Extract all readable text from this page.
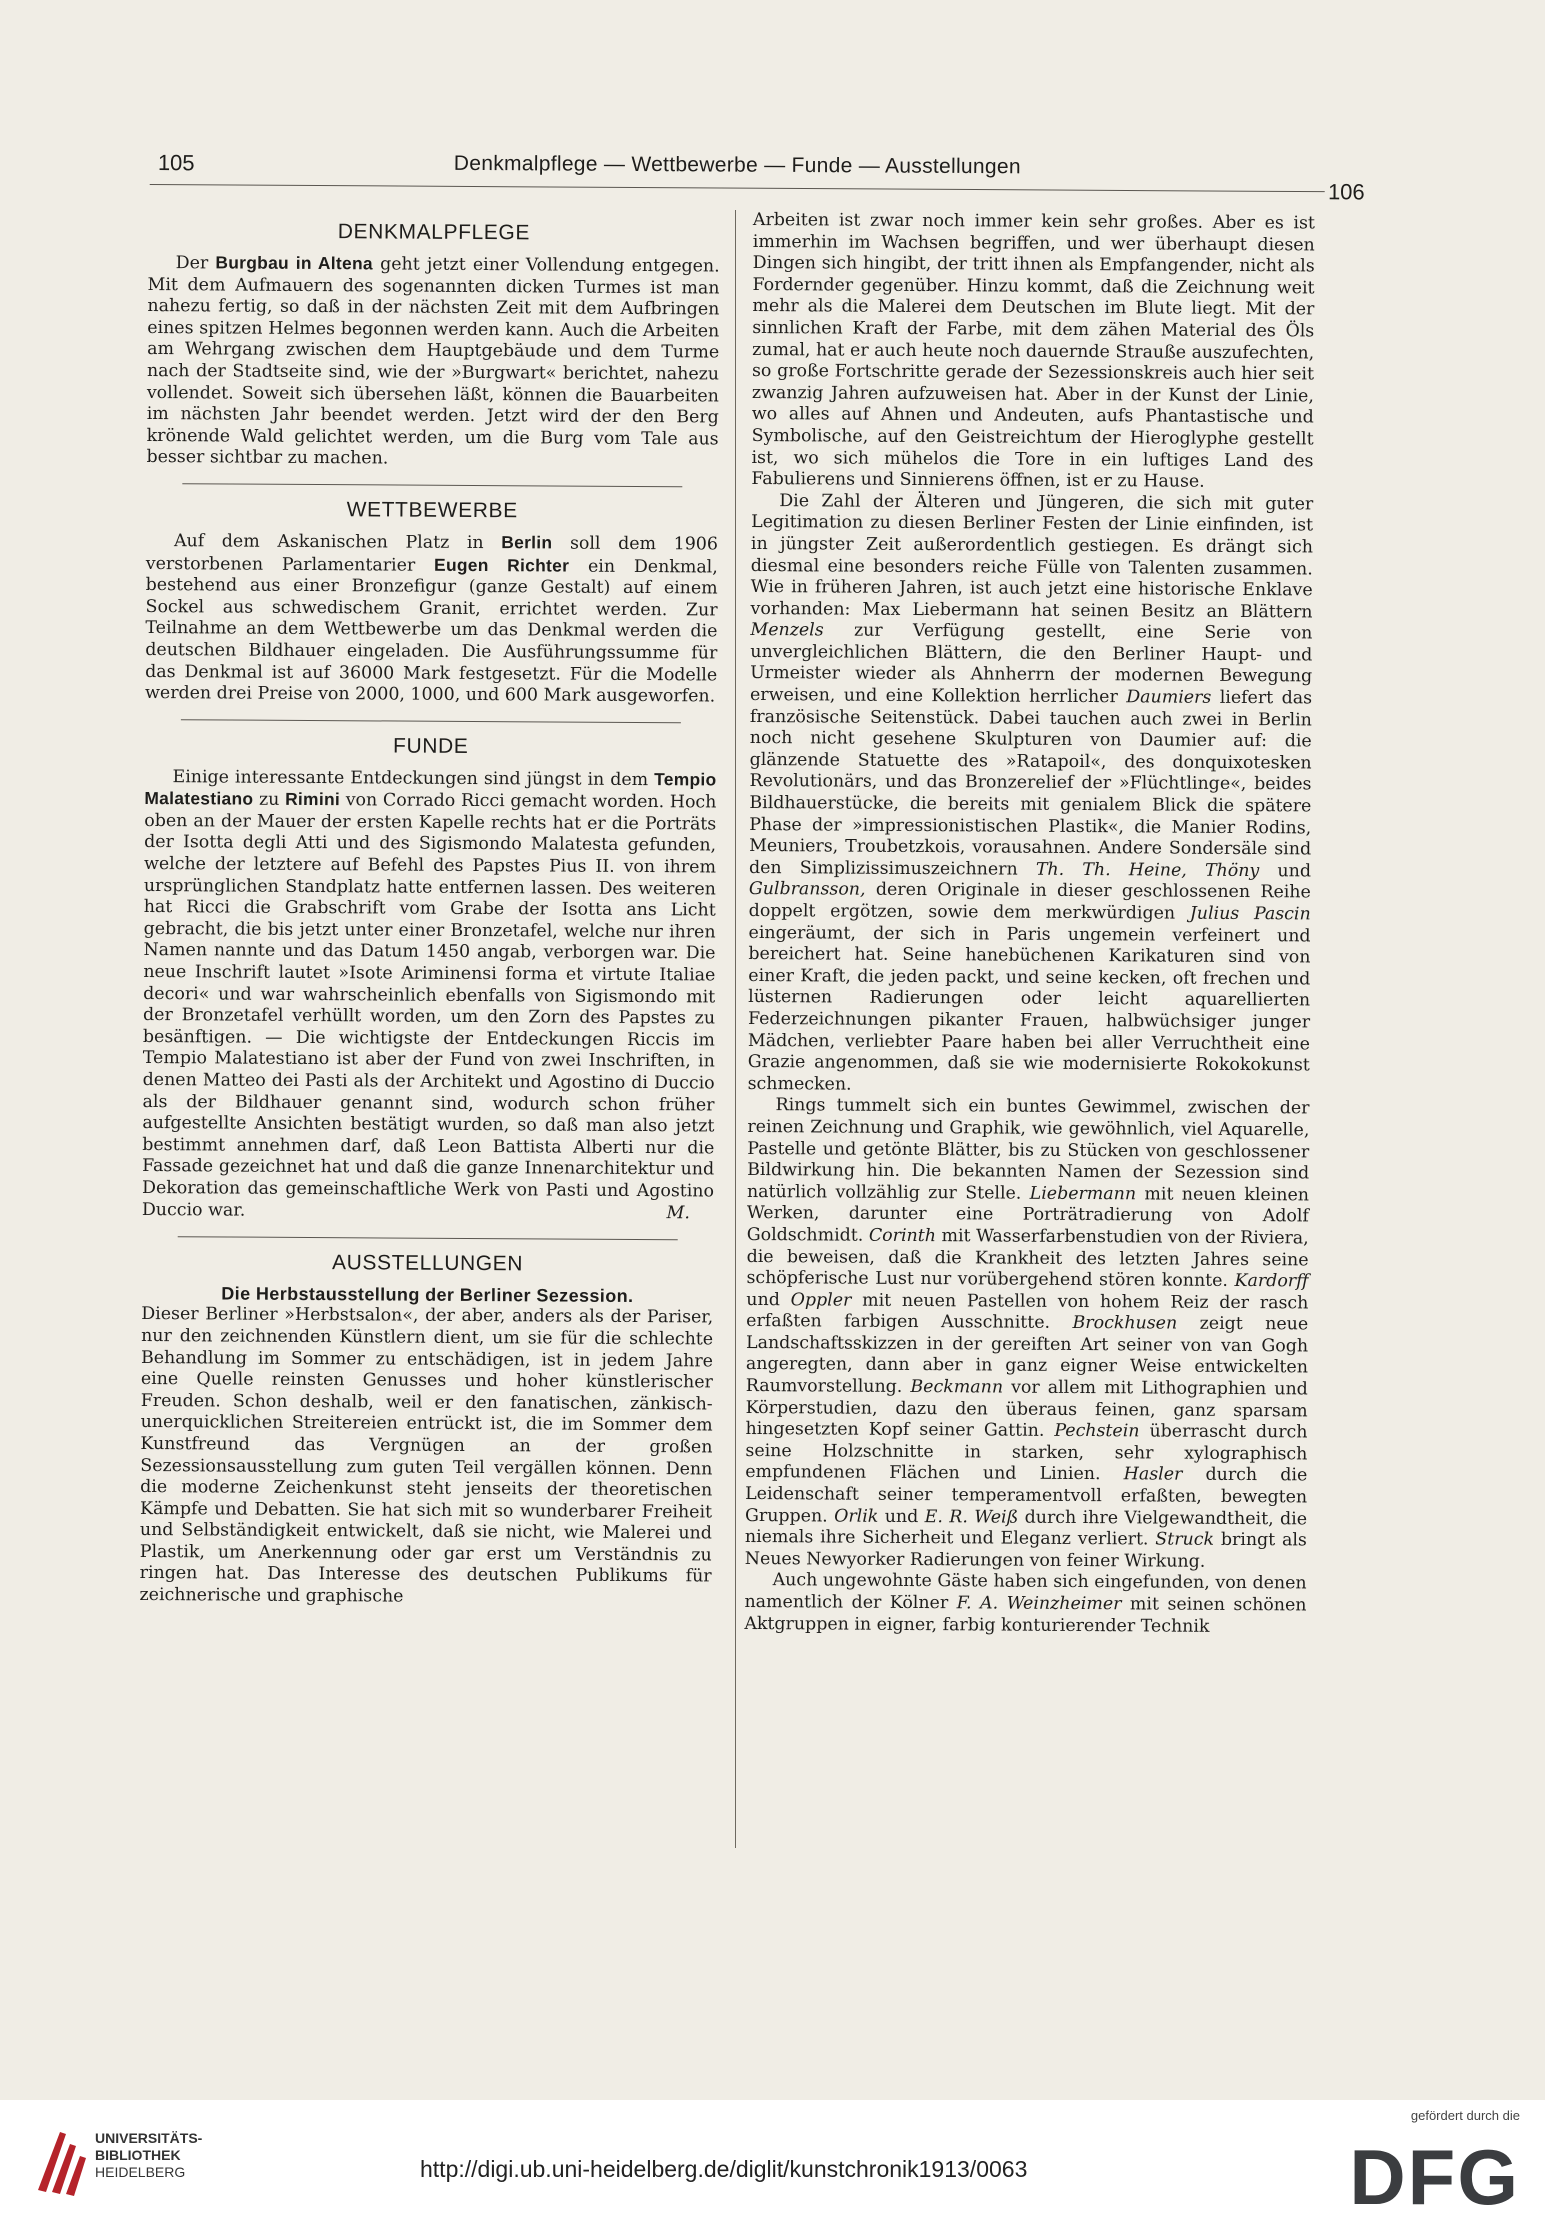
105	Denkmalpflege — Wettbewerbe — Funde — Ausstellungen
106
DENKMALPFLEGE

Der Burgbau in Altena geht jetzt einer Vollendung entgegen. Mit dem Aufmauern des sogenannten dicken Turmes ist man nahezu fertig, so daß in der nächsten Zeit mit dem Aufbringen eines spitzen Helmes begonnen werden kann. Auch die Arbeiten am Wehrgang zwischen dem Hauptgebäude und dem Turme nach der Stadtseite sind, wie der »Burgwart« berichtet, nahezu vollendet. Soweit sich übersehen läßt, können die Bauarbeiten im nächsten Jahr beendet werden. Jetzt wird der den Berg krönende Wald gelichtet werden, um die Burg vom Tale aus besser sichtbar zu machen.

WETTBEWERBE

Auf dem Askanischen Platz in Berlin soll dem 1906 verstorbenen Parlamentarier Eugen Richter ein Denkmal, bestehend aus einer Bronzefigur (ganze Gestalt) auf einem Sockel aus schwedischem Granit, errichtet werden. Zur Teilnahme an dem Wettbewerbe um das Denkmal werden die deutschen Bildhauer eingeladen. Die Ausführungssumme für das Denkmal ist auf 36000 Mark festgesetzt. Für die Modelle werden drei Preise von 2000, 1000, und 600 Mark ausgeworfen.

FUNDE

Einige interessante Entdeckungen sind jüngst in dem Tempio Malatestiano zu Rimini von Corrado Ricci gemacht worden. Hoch oben an der Mauer der ersten Kapelle rechts hat er die Porträts der Isotta degli Atti und des Sigismondo Malatesta gefunden, welche der letztere auf Befehl des Papstes Pius II. von ihrem ursprünglichen Standplatz hatte entfernen lassen. Des weiteren hat Ricci die Grabschrift vom Grabe der Isotta ans Licht gebracht, die bis jetzt unter einer Bronzetafel, welche nur ihren Namen nannte und das Datum 1450 angab, verborgen war. Die neue Inschrift lautet »Isote Ariminensi forma et virtute Italiae decori« und war wahrscheinlich ebenfalls von Sigismondo mit der Bronzetafel verhüllt worden, um den Zorn des Papstes zu besänftigen. — Die wichtigste der Entdeckungen Riccis im Tempio Malatestiano ist aber der Fund von zwei Inschriften, in denen Matteo dei Pasti als der Architekt und Agostino di Duccio als der Bildhauer genannt sind, wodurch schon früher aufgestellte Ansichten bestätigt wurden, so daß man also jetzt bestimmt annehmen darf, daß Leon Battista Alberti nur die Fassade gezeichnet hat und daß die ganze Innenarchitektur und Dekoration das gemeinschaftliche Werk von Pasti und Agostino Duccio war.	M.
AUSSTELLUNGEN
Die Herbstausstellung der Berliner Sezession.

Dieser Berliner »Herbstsalon«, der aber, anders als der Pariser, nur den zeichnenden Künstlern dient, um sie für die schlechte Behandlung im Sommer zu entschädigen, ist in jedem Jahre eine Quelle reinsten Genusses und hoher künstlerischer Freuden. Schon deshalb, weil er den fanatischen, zänkisch-unerquicklichen Streitereien entrückt ist, die im Sommer dem Kunstfreund das Vergnügen an der großen Sezessionsausstellung zum guten Teil vergällen können. Denn die moderne Zeichenkunst steht jenseits der theoretischen Kämpfe und Debatten. Sie hat sich mit so wunderbarer Freiheit und Selbständigkeit entwickelt, daß sie nicht, wie Malerei und Plastik, um Anerkennung oder gar erst um Verständnis zu ringen hat. Das Interesse des deutschen Publikums für zeichnerische und graphische

Arbeiten ist zwar noch immer kein sehr großes. Aber es ist immerhin im Wachsen begriffen, und wer überhaupt diesen Dingen sich hingibt, der tritt ihnen als Empfangender, nicht als Fordernder gegenüber. Hinzu kommt, daß die Zeichnung weit mehr als die Malerei dem Deutschen im Blute liegt. Mit der sinnlichen Kraft der Farbe, mit dem zähen Material des Öls zumal, hat er auch heute noch dauernde Strauße auszufechten, so große Fortschritte gerade der Sezessionskreis auch hier seit zwanzig Jahren aufzuweisen hat. Aber in der Kunst der Linie, wo alles auf Ahnen und Andeuten, aufs Phantastische und Symbolische, auf den Geistreichtum der Hieroglyphe gestellt ist, wo sich mühelos die Tore in ein luftiges Land des Fabulierens und Sinnierens öffnen, ist er zu Hause.

Die Zahl der Älteren und Jüngeren, die sich mit guter Legitimation zu diesen Berliner Festen der Linie einfinden, ist in jüngster Zeit außerordentlich gestiegen. Es drängt sich diesmal eine besonders reiche Fülle von Talenten zusammen. Wie in früheren Jahren, ist auch jetzt eine historische Enklave vorhanden: Max Liebermann hat seinen Besitz an Blättern Menzels zur Verfügung gestellt, eine Serie von unvergleichlichen Blättern, die den Berliner Haupt- und Urmeister wieder als Ahnherrn der modernen Bewegung erweisen, und eine Kollektion herrlicher Daumiers liefert das französische Seitenstück. Dabei tauchen auch zwei in Berlin noch nicht gesehene Skulpturen von Daumier auf: die glänzende Statuette des »Ratapoil«, des donquixotesken Revolutionärs, und das Bronzerelief der »Flüchtlinge«, beides Bildhauerstücke, die bereits mit genialem Blick die spätere Phase der »impressionistischen Plastik«, die Manier Rodins, Meuniers, Troubetzkois, vorausahnen. Andere Sondersäle sind den Simplizissimuszeichnern Th. Th. Heine, Thöny und Gulbransson, deren Originale in dieser geschlossenen Reihe doppelt ergötzen, sowie dem merkwürdigen Julius Pascin eingeräumt, der sich in Paris ungemein verfeinert und bereichert hat. Seine hanebüchenen Karikaturen sind von einer Kraft, die jeden packt, und seine kecken, oft frechen und lüsternen Radierungen oder leicht aquarellierten Federzeichnungen pikanter Frauen, halbwüchsiger junger Mädchen, verliebter Paare haben bei aller Verruchtheit eine Grazie angenommen, daß sie wie modernisierte Rokokokunst schmecken.

Rings tummelt sich ein buntes Gewimmel, zwischen der reinen Zeichnung und Graphik, wie gewöhnlich, viel Aquarelle, Pastelle und getönte Blätter, bis zu Stücken von geschlossener Bildwirkung hin. Die bekannten Namen der Sezession sind natürlich vollzählig zur Stelle. Liebermann mit neuen kleinen Werken, darunter eine Porträtradierung von Adolf Goldschmidt. Corinth mit Wasserfarbenstudien von der Riviera, die beweisen, daß die Krankheit des letzten Jahres seine schöpferische Lust nur vorübergehend stören konnte. Kardorff und Oppler mit neuen Pastellen von hohem Reiz der rasch erfaßten farbigen Ausschnitte. Brockhusen zeigt neue Landschaftsskizzen in der gereiften Art seiner von van Gogh angeregten, dann aber in ganz eigner Weise entwickelten Raumvorstellung. Beckmann vor allem mit Lithographien und Körperstudien, dazu den überaus feinen, ganz sparsam hingesetzten Kopf seiner Gattin. Pechstein überrascht durch seine Holzschnitte in starken, sehr xylographisch empfundenen Flächen und Linien. Hasler durch die Leidenschaft seiner temperamentvoll erfaßten, bewegten Gruppen. Orlik und E. R. Weiß durch ihre Vielgewandtheit, die niemals ihre Sicherheit und Eleganz verliert. Struck bringt als Neues Newyorker Radierungen von feiner Wirkung.

Auch ungewohnte Gäste haben sich eingefunden, von denen namentlich der Kölner F. A. Weinzheimer mit seinen schönen Aktgruppen in eigner, farbig konturierender Technik

UNIVERSITÄTS-
BIBLIOTHEK
HEIDELBERG	http://digi.ub.uni-heidelberg.de/diglit/kunstchronik1913/0063
gefördert durch die
DFG
